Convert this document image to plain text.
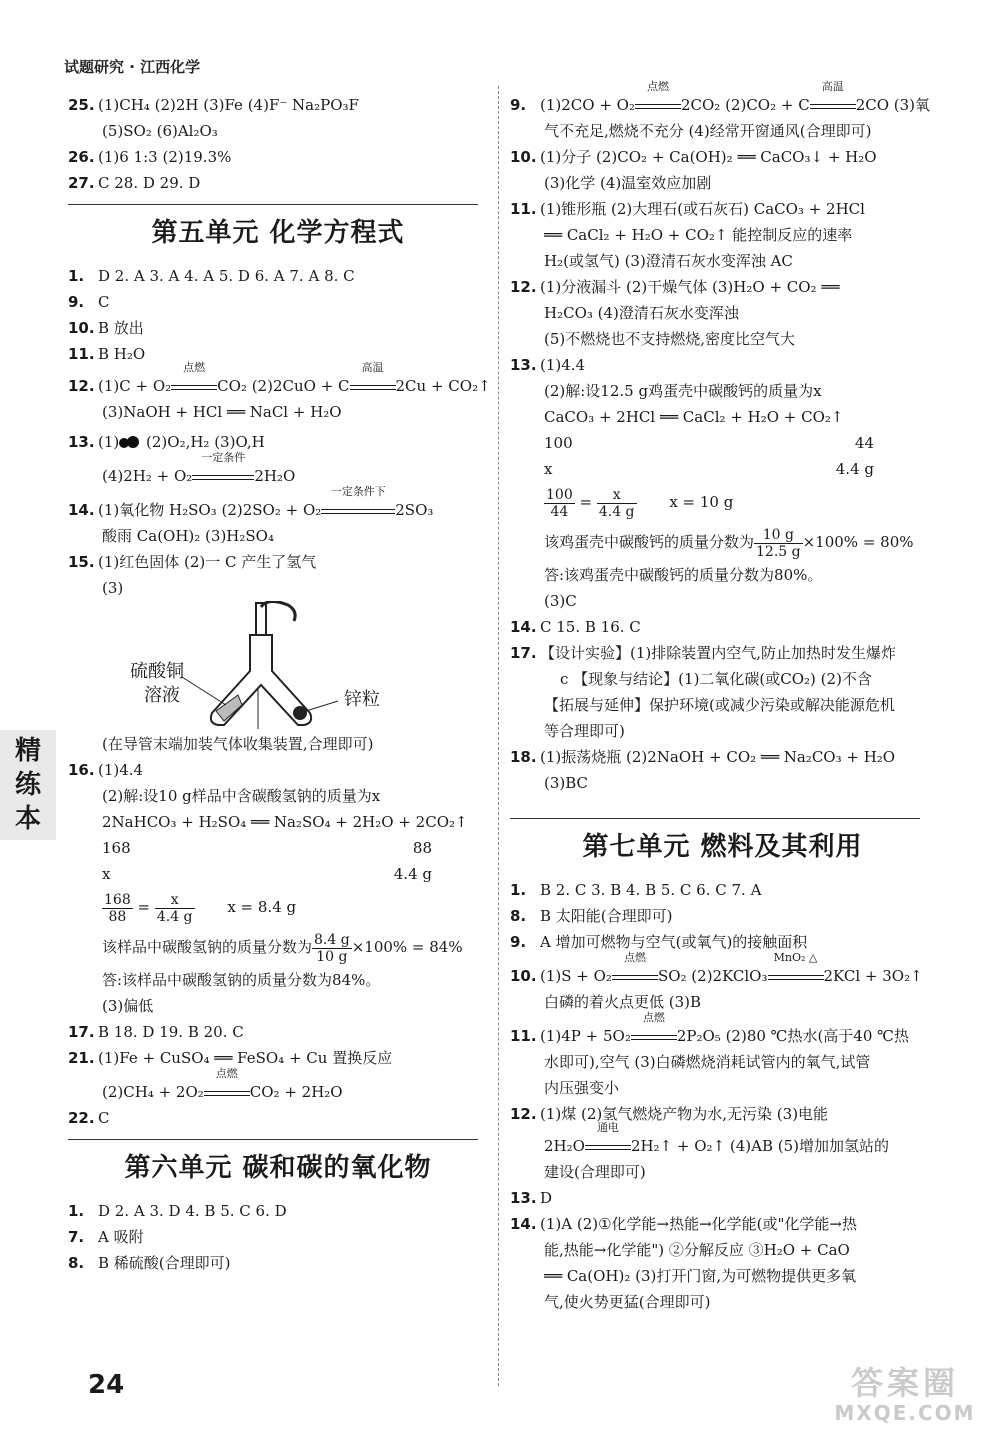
试题研究 · 江西化学
精
练
本
25. (1)CH₄ (2)2H (3)Fe (4)F⁻ Na₂PO₃F
(5)SO₂ (6)Al₂O₃
26. (1)6 1:3 (2)19.3%
27. C 28. D 29. D
第五单元 化学方程式
1. D 2. A 3. A 4. A 5. D 6. A 7. A 8. C
9. C
10. B 放出
11. B H₂O
12. (1)C + O₂
点燃
CO₂ (2)2CuO + C
高温
2Cu + CO₂↑
(3)NaOH + HCl ══ NaCl + H₂O
13. (1)
(2)O₂,H₂ (3)O,H
(4)2H₂ + O₂
一定条件
2H₂O
14. (1)氧化物 H₂SO₃ (2)2SO₂ + O₂
一定条件下
2SO₃
酸雨 Ca(OH)₂ (3)H₂SO₄
15. (1)红色固体 (2)一 C 产生了氢气
(3)
硫酸铜
溶液	锌粒
(在导管末端加装气体收集装置,合理即可)
16. (1)4.4
(2)解:设10 g样品中含碳酸氢钠的质量为x
2NaHCO₃ + H₂SO₄ ══ Na₂SO₄ + 2H₂O + 2CO₂↑
168	88
x	4.4 g
$\frac{168}{88} = \frac{x}{4.4 g}$ x = 8.4 g
该样品中碳酸氢钠的质量分数为 $\frac{8.4 g}{10 g} \times 100\% = 84\%$
答:该样品中碳酸氢钠的质量分数为84%。
(3)偏低
17. B 18. D 19. B 20. C
21. (1)Fe + CuSO₄ ══ FeSO₄ + Cu 置换反应
(2)CH₄ + 2O₂
点燃
CO₂ + 2H₂O
22. C
第六单元 碳和碳的氧化物
1. D 2. A 3. D 4. B 5. C 6. D
7. A 吸附
8. B 稀硫酸(合理即可)
9. (1)2CO + O₂
点燃
2CO₂ (2)CO₂ + C
高温
2CO (3)氧
气不充足,燃烧不充分 (4)经常开窗通风(合理即可)
10. (1)分子 (2)CO₂ + Ca(OH)₂ ══ CaCO₃↓ + H₂O
(3)化学 (4)温室效应加剧
11. (1)锥形瓶 (2)大理石(或石灰石) CaCO₃ + 2HCl
══ CaCl₂ + H₂O + CO₂↑ 能控制反应的速率
H₂(或氢气) (3)澄清石灰水变浑浊 AC
12. (1)分液漏斗 (2)干燥气体 (3)H₂O + CO₂ ══
H₂CO₃ (4)澄清石灰水变浑浊
(5)不燃烧也不支持燃烧,密度比空气大
13. (1)4.4
(2)解:设12.5 g鸡蛋壳中碳酸钙的质量为x
CaCO₃ + 2HCl ══ CaCl₂ + H₂O + CO₂↑
100	44
x	4.4 g
$\frac{100}{44} = \frac{x}{4.4 g}$ x = 10 g
该鸡蛋壳中碳酸钙的质量分数为 $\frac{10 g}{12.5 g} \times 100\% = 80\%$
答:该鸡蛋壳中碳酸钙的质量分数为80%。
(3)C
14. C 15. B 16. C
17. 【设计实验】(1)排除装置内空气,防止加热时发生爆炸
c 【现象与结论】(1)二氧化碳(或CO₂) (2)不含
【拓展与延伸】保护环境(或减少污染或解决能源危机
等合理即可)
18. (1)振荡烧瓶 (2)2NaOH + CO₂ ══ Na₂CO₃ + H₂O
(3)BC
第七单元 燃料及其利用
1. B 2. C 3. B 4. B 5. C 6. C 7. A
8. B 太阳能(合理即可)
9. A 增加可燃物与空气(或氧气)的接触面积
10. (1)S + O₂
点燃
SO₂ (2)2KClO₃
MnO₂ △
2KCl + 3O₂↑
白磷的着火点更低 (3)B
11. (1)4P + 5O₂
点燃
2P₂O₅ (2)80 ℃热水(高于40 ℃热
水即可),空气 (3)白磷燃烧消耗试管内的氧气,试管
内压强变小
12. (1)煤 (2)氢气燃烧产物为水,无污染 (3)电能
2H₂O
通电
2H₂↑ + O₂↑ (4)AB (5)增加加氢站的
建设(合理即可)
13. D
14. (1)A (2)①化学能→热能→化学能(或"化学能→热
能,热能→化学能") ②分解反应 ③H₂O + CaO
══ Ca(OH)₂ (3)打开门窗,为可燃物提供更多氧
气,使火势更猛(合理即可)
24	答案圈
MXQE.COM
